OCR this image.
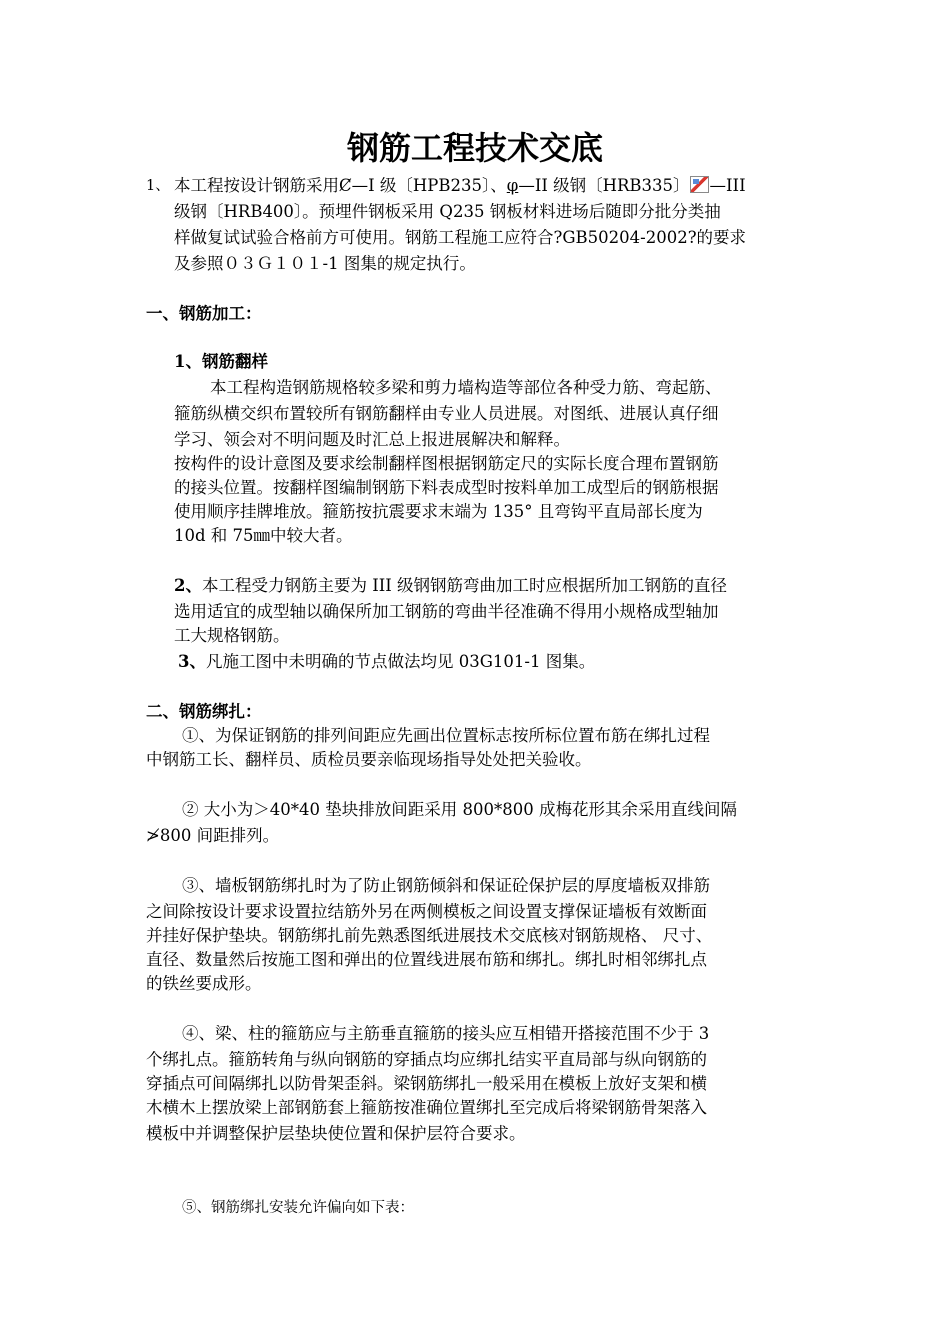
钢筋工程技术交底
1、 本工程按设计钢筋采用Ȼ—I 级〔HPB235〕、φ—II 级钢〔HRB335〕 —III
级钢〔HRB400〕。预埋件钢板采用 Q235 钢板材料进场后随即分批分类抽
样做复试试验合格前方可使用。钢筋工程施工应符合?GB50204-2002?的要求
及参照０３Ｇ１０１-1 图集的规定执行。
一、钢筋加工：
1、钢筋翻样
本工程构造钢筋规格较多梁和剪力墙构造等部位各种受力筋、弯起筋、
箍筋纵横交织布置较所有钢筋翻样由专业人员进展。对图纸、进展认真仔细
学习、领会对不明问题及时汇总上报进展解决和解释。
按构件的设计意图及要求绘制翻样图根据钢筋定尺的实际长度合理布置钢筋
的接头位置。按翻样图编制钢筋下料表成型时按料单加工成型后的钢筋根据
使用顺序挂牌堆放。箍筋按抗震要求末端为 135° 且弯钩平直局部长度为
10d 和 75㎜中较大者。
2、本工程受力钢筋主要为 III 级钢钢筋弯曲加工时应根据所加工钢筋的直径
选用适宜的成型轴以确保所加工钢筋的弯曲半径准确不得用小规格成型轴加
工大规格钢筋。
3、凡施工图中未明确的节点做法均见 03G101-1 图集。
二、钢筋绑扎：
①、为保证钢筋的排列间距应先画出位置标志按所标位置布筋在绑扎过程
中钢筋工长、翻样员、质检员要亲临现场指导处处把关验收。
② 大小为＞40*40 垫块排放间距采用 800*800 成梅花形其余采用直线间隔
≯800 间距排列。
③、墙板钢筋绑扎时为了防止钢筋倾斜和保证砼保护层的厚度墙板双排筋
之间除按设计要求设置拉结筋外另在两侧模板之间设置支撑保证墙板有效断面
并挂好保护垫块。钢筋绑扎前先熟悉图纸进展技术交底核对钢筋规格、 尺寸、
直径、数量然后按施工图和弹出的位置线进展布筋和绑扎。绑扎时相邻绑扎点
的铁丝要成形。
④、梁、柱的箍筋应与主筋垂直箍筋的接头应互相错开搭接范围不少于 3
个绑扎点。箍筋转角与纵向钢筋的穿插点均应绑扎结实平直局部与纵向钢筋的
穿插点可间隔绑扎以防骨架歪斜。梁钢筋绑扎一般采用在模板上放好支架和横
木横木上摆放梁上部钢筋套上箍筋按准确位置绑扎至完成后将梁钢筋骨架落入
模板中并调整保护层垫块使位置和保护层符合要求。
⑤、钢筋绑扎安装允许偏向如下表：
